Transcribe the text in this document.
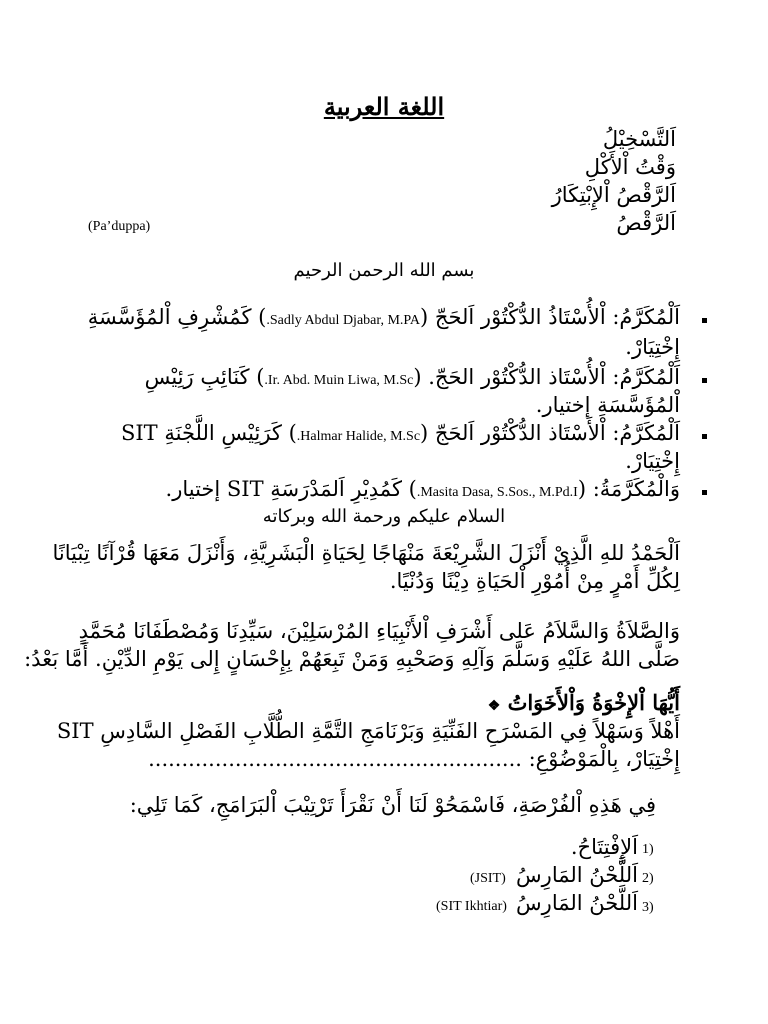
اللغة العربية
اَلتَّسْخِيْلُ
وَقْتُ اْلأَكْلِ
اَلرَّقْصُ اْلإِبْتِكَارُ
اَلرَّقْصُ
(Pa’duppa)
بسم الله الرحمن الرحيم
اَلْمُكَرَّمُ: اْلأُسْتَاذُ الدُّكْتُوْر اَلحَجّ (Sadly Abdul Djabar, M.PA.) كَمُشْرِفِ اْلمُؤَسَّسَةِ
إِخْتِيَارْ.
اَلْمُكَرَّمُ: اْلأُسْتَاذ الدُّكْتُوْر الحَجّ. (Ir. Abd. Muin Liwa, M.Sc.) كَنَائِبِ رَئِيْسِ
اْلمُؤَسَّسَةِ إختيار.
اَلْمُكَرَّمُ: اْلأَسْتَاذ الدُّكْتُوْر اَلحَجّ (Halmar Halide, M.Sc.) كَرَئِيْسِ اللَّجْنَةِ SIT
إِخْتِيَارْ.
وَالْمُكَرَّمَةُ: (Masita Dasa, S.Sos., M.Pd.I.) كَمُدِيْرِ اَلمَدْرَسَةِ SIT إختيار.
السلام عليكم ورحمة الله وبركاته
اَلْحَمْدُ للهِ الَّذِيْ أَنْزَلَ الشَّرِيْعَةَ مَنْهَاجًا لِحَيَاةِ الْبَشَرِيَّةِ، وَأَنْزَلَ مَعَهَا قُرْآنًا تِبْيَانًا
لِكُلِّ أَمْرٍ مِنْ أُمُوْرِ اْلحَيَاةِ دِيْنًا وَدُنْيًا.
وَالصَّلاَةُ وَالسَّلاَمُ عَلى أَشْرَفِ اْلأَنْبِيَاءِ المُرْسَلِيْنَ، سَيِّدِنَا وَمُصْطَفَانَا مُحَمَّدٍ
صَلَّى اللهُ عَلَيْهِ وَسَلَّمَ وَآلِهِ وَصَحْبِهِ وَمَنْ تَبِعَهُمْ بِإِحْسَانٍ إِلى يَوْمِ الدِّيْنِ. أَمَّا بَعْدُ:
أَيُّهَا اْلإِخْوَةُ وَاْلأَخَوَاتُ ❖
أَهْلاً وَسَهْلاً فِي المَسْرَحِ الفَنِّيَةِ وَبَرْنَامَجِ التَّمَّةِ الطُّلَّابِ الفَصْلِ السَّادِسِ SIT
إِخْتِيَارْ، بِالْمَوْضُوْعِ: ........................................................
فِي هَذِهِ اْلفُرْصَةِ، فَاسْمَحُوْ لَنَا أَنْ نَقْرَأَ تَرْتِيْبَ اْلبَرَامَجِ، كَمَا تَلِي:
1)
اَلإِفْتِتَاحُ.
2)
اَللَّحْنُ المَارِسُ
(JSIT)
3)
اَللَّحْنُ المَارِسُ
(SIT Ikhtiar)
